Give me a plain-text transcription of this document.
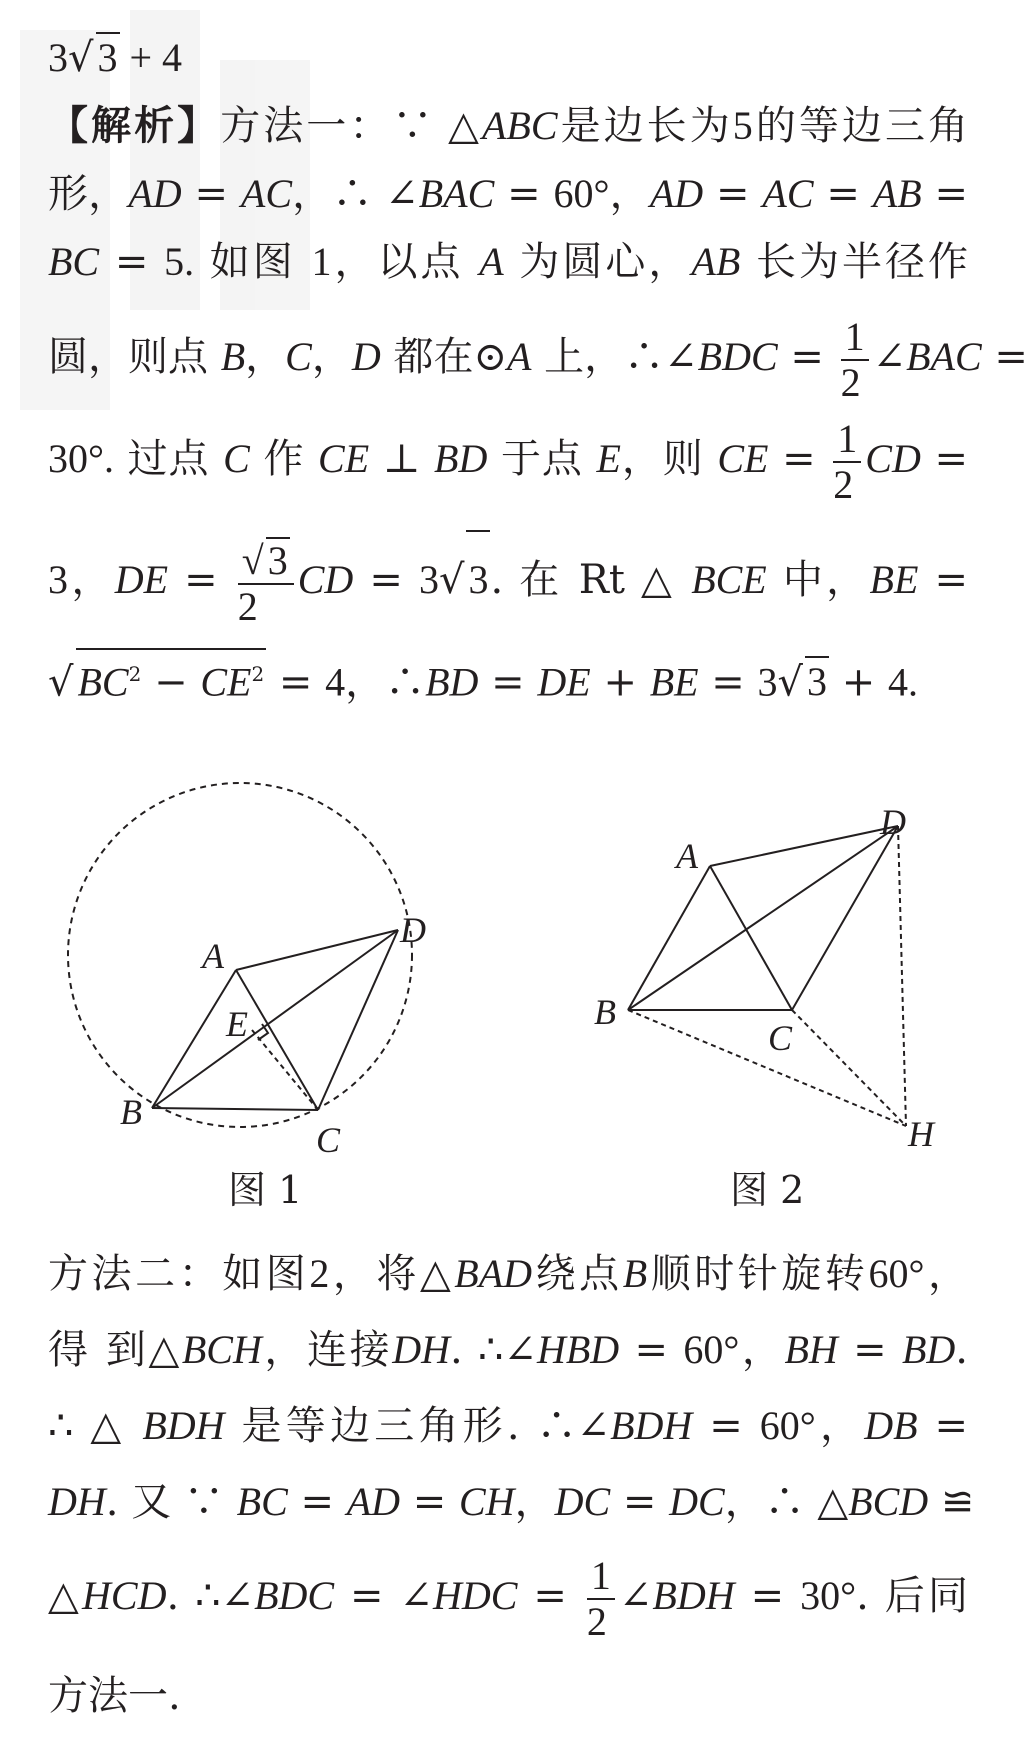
3√ 3 + 4
【解析】方法一：∵ △ABC是边长为5的等边三角
形，AD = AC，∴ ∠BAC = 60°，AD = AC = AB =
BC = 5. 如图 1，以点 A 为圆心，AB 长为半径作
圆，则点 B，C，D 都在⊙A 上，∴∠BDC = $\frac{1}{2}$ ∠BAC =
30°. 过点 C 作 CE ⊥ BD 于点 E，则 CE = $\frac{1}{2}$ CD =
3，DE = $\frac{√ 3}{2}$ CD = 3√ 3. 在 Rt △ BCE 中，BE =
√ $BC^2 - CE^2 = 4$，∴BD = DE + BE = 3√ 3 + 4.
A
B
C
D
E
A
B
C
D
H
图 1	图 2
方法二：如图2，将△BAD绕点B顺时针旋转60°，
得 到△BCH，连接DH. ∴∠HBD = 60°，BH = BD.
∴ △ BDH 是等边三角形. ∴∠BDH = 60°，DB =
DH. 又 ∵ BC = AD = CH，DC = DC，∴ △BCD ≌
△HCD. ∴∠BDC = ∠HDC = $\frac{1}{2}$ ∠BDH = 30°. 后同
方法一.
